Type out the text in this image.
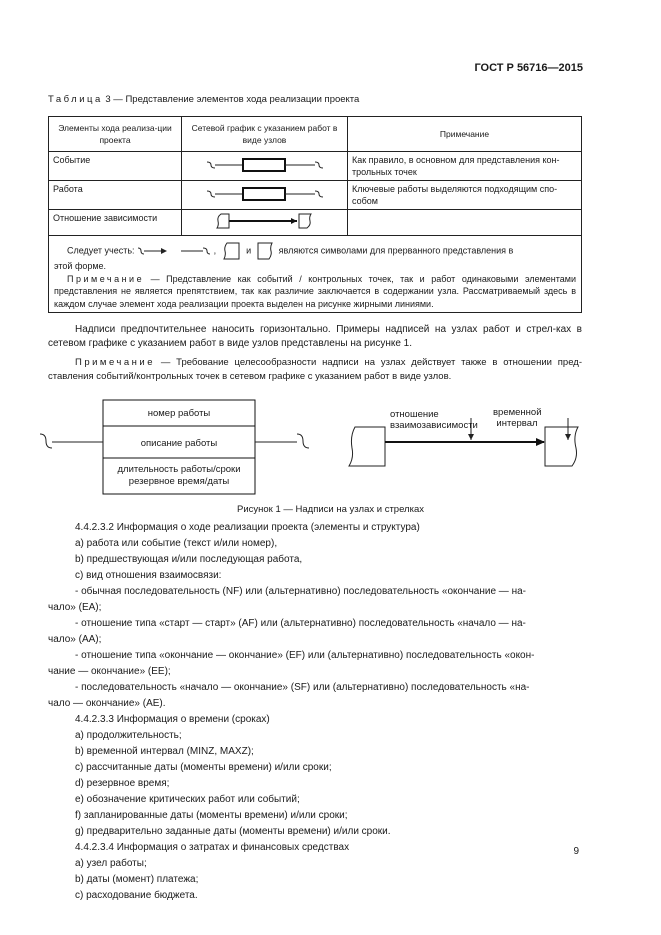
ГОСТ Р 56716—2015
Таблица 3 — Представление элементов хода реализации проекта
Элементы хода реализа-ции проекта	Сетевой график с указанием работ в виде узлов	Примечание
Событие		Как правило, в основном для представления кон-трольных точек
Работа		Ключевые работы выделяются подходящим спо-собом
Отношение зависимости		

Следует учесть: , и являются символами для прерванного представления в
этой форме.
Примечание — Представление как событий / контрольных точек, так и работ одинаковыми элементами представления не является препятствием, так как различие заключается в содержании узла. Рассматриваемый здесь в каждом случае элемент хода реализации проекта выделен на рисунке жирными линиями.		
Надписи предпочтительнее наносить горизонтально. Примеры надписей на узлах работ и стрел-ках в сетевом графике с указанием работ в виде узлов представлены на рисунке 1.
Примечание — Требование целесообразности надписи на узлах действует также в отношении пред-ставления событий/контрольных точек в сетевом графике с указанием работ в виде узлов.
номер работы
описание работы
длительность работы/сроки
резервное время/даты
отношение
взаимозависимости
временной
интервал
Рисунок 1 — Надписи на узлах и стрелках
4.4.2.3.2 Информация о ходе реализации проекта (элементы и структура)
a) работа или событие (текст и/или номер),
b) предшествующая и/или последующая работа,
c) вид отношения взаимосвязи:
- обычная последовательность (NF) или (альтернативно) последовательность «окончание — на-
чало» (EA);
- отношение типа «старт — старт» (AF) или (альтернативно) последовательность «начало — на-
чало» (AA);
- отношение типа «окончание — окончание» (EF) или (альтернативно) последовательность «окон-
чание — окончание» (EE);
- последовательность «начало — окончание» (SF) или (альтернативно) последовательность «на-
чало — окончание» (AE).
4.4.2.3.3 Информация о времени (сроках)
a) продолжительность;
b) временной интервал (MINZ, MAXZ);
c) рассчитанные даты (моменты времени) и/или сроки;
d) резервное время;
e) обозначение критических работ или событий;
f) запланированные даты (моменты времени) и/или сроки;
g) предварительно заданные даты (моменты времени) и/или сроки.
4.4.2.3.4 Информация о затратах и финансовых средствах
a) узел работы;
b) даты (момент) платежа;
c) расходование бюджета.
9
